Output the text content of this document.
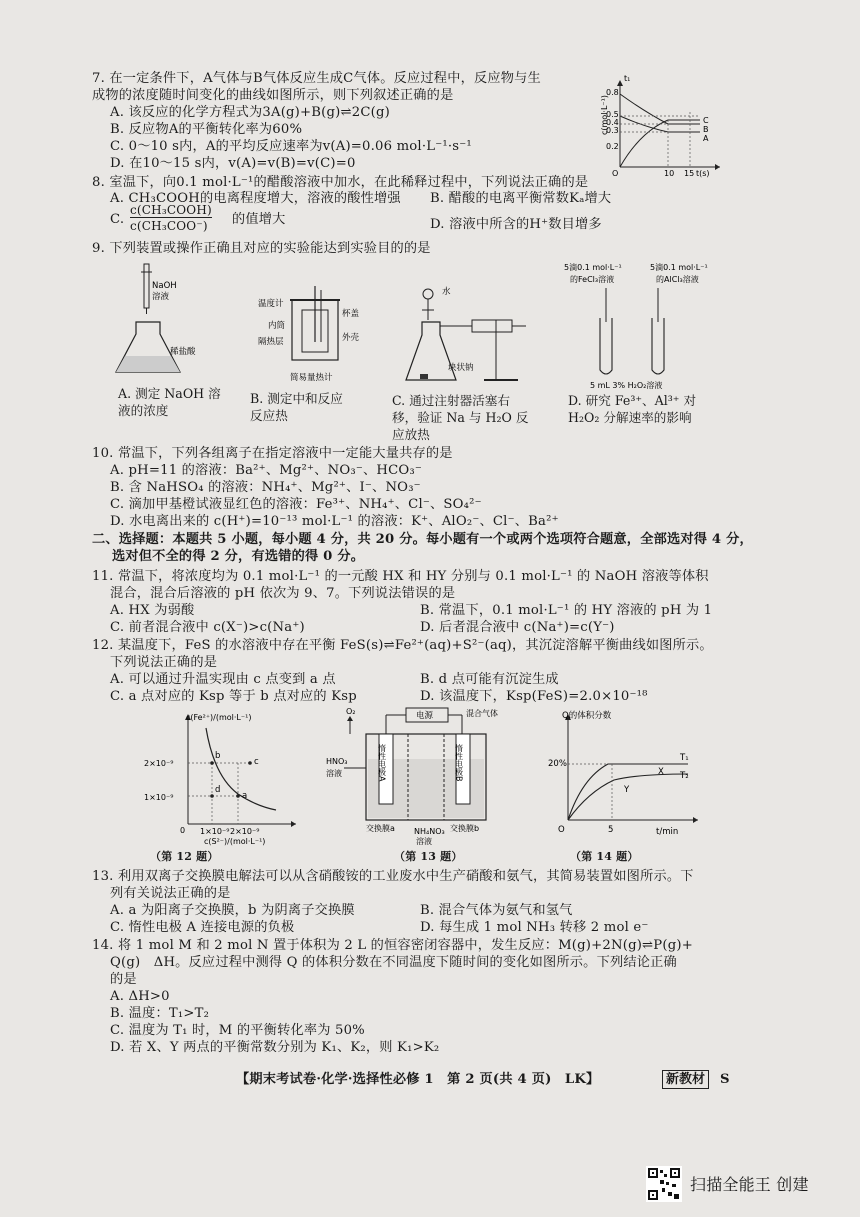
7. 在一定条件下，A气体与B气体反应生成C气体。反应过程中，反应物与生
成物的浓度随时间变化的曲线如图所示，则下列叙述正确的是
A. 该反应的化学方程式为3A(g)+B(g)⇌2C(g)
B. 反应物A的平衡转化率为60%
C. 0～10 s内，A的平均反应速率为v(A)=0.06 mol·L⁻¹·s⁻¹
D. 在10～15 s内，v(A)=v(B)=v(C)=0
c(mol·L⁻¹)
0.8
0.5
0.4
0.3
0.2
O	10 15 t(s)
t₁
C
B
A
8. 室温下，向0.1 mol·L⁻¹的醋酸溶液中加水，在此稀释过程中，下列说法正确的是
A. CH₃COOH的电离程度增大，溶液的酸性增强 B. 醋酸的电离平衡常数Kₐ增大
C.
c(CH₃COOH)
c(CH₃COO⁻) 的值增大	D. 溶液中所含的H⁺数目增多
9. 下列装置或操作正确且对应的实验能达到实验目的的是
NaOH
溶液
稀盐酸
A. 测定 NaOH 溶
液的浓度
温度计
内筒
隔热层
杯盖
外壳
简易量热计
B. 测定中和反应
反应热
水
块状钠
C. 通过注射器活塞右
移，验证 Na 与 H₂O 反
应放热
5滴0.1 mol·L⁻¹
的FeCl₃溶液
5滴0.1 mol·L⁻¹
的AlCl₃溶液
5 mL 3% H₂O₂溶液
D. 研究 Fe³⁺、Al³⁺ 对
H₂O₂ 分解速率的影响
10. 常温下，下列各组离子在指定溶液中一定能大量共存的是
A. pH=11 的溶液：Ba²⁺、Mg²⁺、NO₃⁻、HCO₃⁻
B. 含 NaHSO₄ 的溶液：NH₄⁺、Mg²⁺、I⁻、NO₃⁻
C. 滴加甲基橙试液显红色的溶液：Fe³⁺、NH₄⁺、Cl⁻、SO₄²⁻
D. 水电离出来的 c(H⁺)=10⁻¹³ mol·L⁻¹ 的溶液：K⁺、AlO₂⁻、Cl⁻、Ba²⁺
二、选择题：本题共 5 小题，每小题 4 分，共 20 分。每小题有一个或两个选项符合题意，全部选对得 4 分，
选对但不全的得 2 分，有选错的得 0 分。
11. 常温下，将浓度均为 0.1 mol·L⁻¹ 的一元酸 HX 和 HY 分别与 0.1 mol·L⁻¹ 的 NaOH 溶液等体积
混合，混合后溶液的 pH 依次为 9、7。下列说法错误的是
A. HX 为弱酸	B. 常温下，0.1 mol·L⁻¹ 的 HY 溶液的 pH 为 1
C. 前者混合液中 c(X⁻)>c(Na⁺)	D. 后者混合液中 c(Na⁺)=c(Y⁻)
12. 某温度下，FeS 的水溶液中存在平衡 FeS(s)⇌Fe²⁺(aq)+S²⁻(aq)，其沉淀溶解平衡曲线如图所示。
下列说法正确的是
A. 可以通过升温实现由 c 点变到 a 点	B. d 点可能有沉淀生成
C. a 点对应的 Ksp 等于 b 点对应的 Ksp	D. 该温度下，Ksp(FeS)=2.0×10⁻¹⁸
c(Fe²⁺)/(mol·L⁻¹)
2×10⁻⁹
1×10⁻⁹
0 1×10⁻⁹ 2×10⁻⁹
c(S²⁻)/(mol·L⁻¹)
a
b
c
d
（第 12 题）
O₂	电源	混合气体
惰性电极A	惰性电极B
HNO₃
溶液
交换膜a	交换膜b
NH₄NO₃
溶液
（第 13 题）
Q的体积分数
20%
O	5	t/min
T₁
T₂
X
Y
（第 14 题）
13. 利用双离子交换膜电解法可以从含硝酸铵的工业废水中生产硝酸和氨气，其简易装置如图所示。下
列有关说法正确的是
A. a 为阳离子交换膜，b 为阴离子交换膜	B. 混合气体为氨气和氢气
C. 惰性电极 A 连接电源的负极	D. 每生成 1 mol NH₃ 转移 2 mol e⁻
14. 将 1 mol M 和 2 mol N 置于体积为 2 L 的恒容密闭容器中，发生反应：M(g)+2N(g)⇌P(g)+
Q(g)　ΔH。反应过程中测得 Q 的体积分数在不同温度下随时间的变化如图所示。下列结论正确
的是
A. ΔH>0
B. 温度：T₁>T₂
C. 温度为 T₁ 时，M 的平衡转化率为 50%
D. 若 X、Y 两点的平衡常数分别为 K₁、K₂，则 K₁>K₂
【期末考试卷·化学·选择性必修 1　第 2 页(共 4 页)　LK】	新教材	S
扫描全能王 创建
